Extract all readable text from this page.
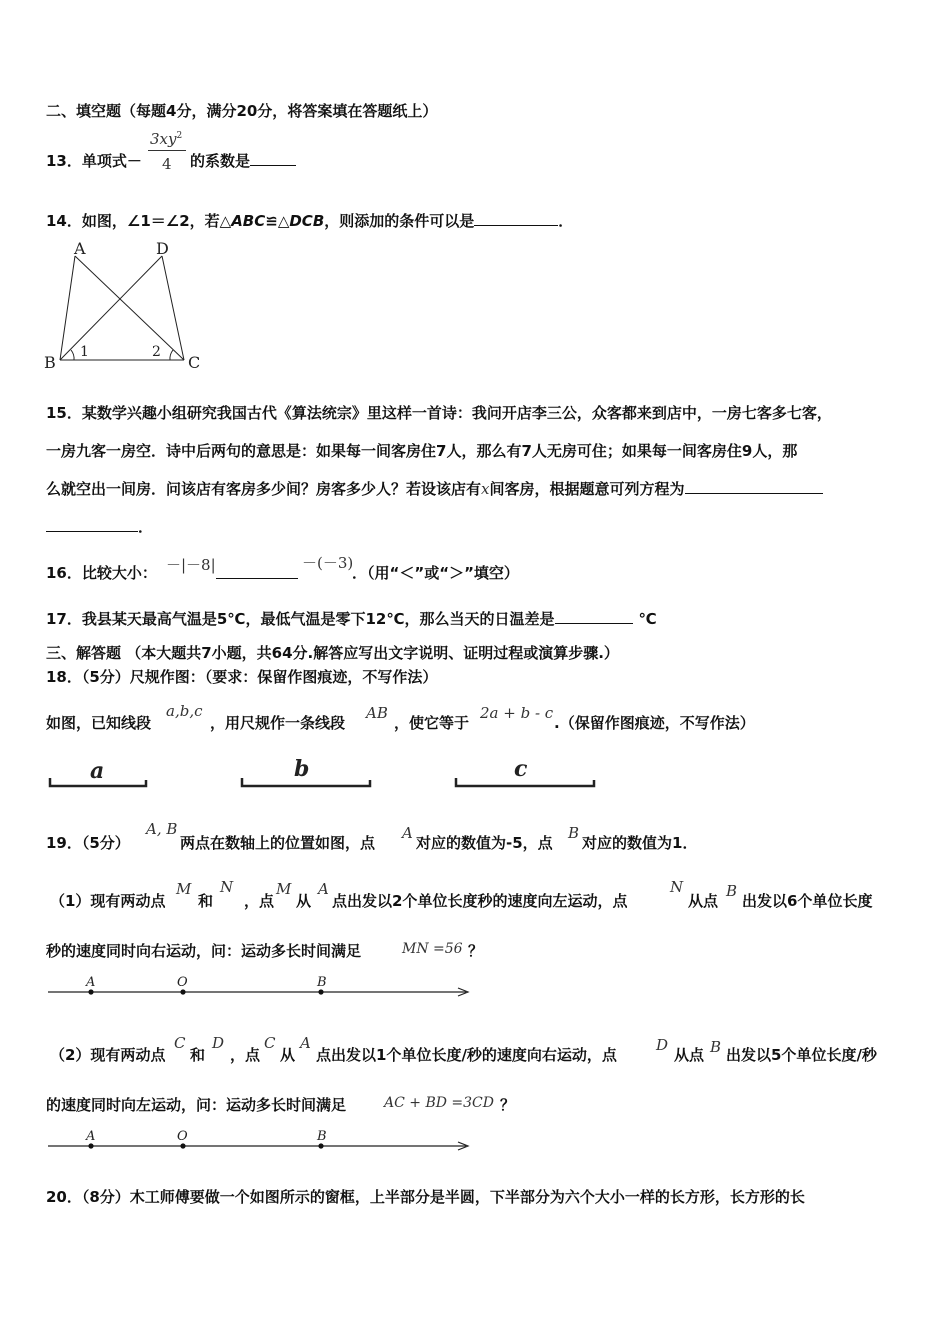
二、填空题（每题4分，满分20分，将答案填在答题纸上）
13．单项式－
$3xy^2$
4 的系数是
14．如图，∠1＝∠2，若△ABC≌△DCB，则添加的条件可以是	．
A	D
B	C
1	2
15．某数学兴趣小组研究我国古代《算法统宗》里这样一首诗：我问开店李三公，众客都来到店中，一房七客多七客，
一房九客一房空．诗中后两句的意思是：如果每一间客房住7人，那么有7人无房可住；如果每一间客房住9人，那
么就空出一间房．问该店有客房多少间？房客多少人？若设该店有x间客房，根据题意可列方程为
．
16．比较大小： －|－8|	－(－3)
．（用“＜”或“＞”填空）
17．我县某天最高气温是5℃，最低气温是零下12℃，那么当天的日温差是	℃
三、解答题 （本大题共7小题，共64分.解答应写出文字说明、证明过程或演算步骤.）
18．（5分）尺规作图：（要求：保留作图痕迹，不写作法）
如图，已知线段
a,b,c
，用尺规作一条线段
AB
，使它等于
2a + b - c
.（保留作图痕迹，不写作法）
a	b	c
19．（5分）
A, B
两点在数轴上的位置如图，点
A
对应的数值为-5，点
B
对应的数值为1．
（1）现有两动点
M
和
N
，点
M
从
A
点出发以2个单位长度秒的速度向左运动，点
N
从点
B
出发以6个单位长度
秒的速度同时向右运动，问：运动多长时间满足	MN =56 ？
A	O	B
（2）现有两动点
C
和
D
，点
C
从
A
点出发以1个单位长度/秒的速度向右运动，点
D
从点 B 出发以5个单位长度/秒
的速度同时向左运动，问：运动多长时间满足	AC + BD =3CD ？
A	O	B
20．（8分）木工师傅要做一个如图所示的窗框，上半部分是半圆，下半部分为六个大小一样的长方形，长方形的长
